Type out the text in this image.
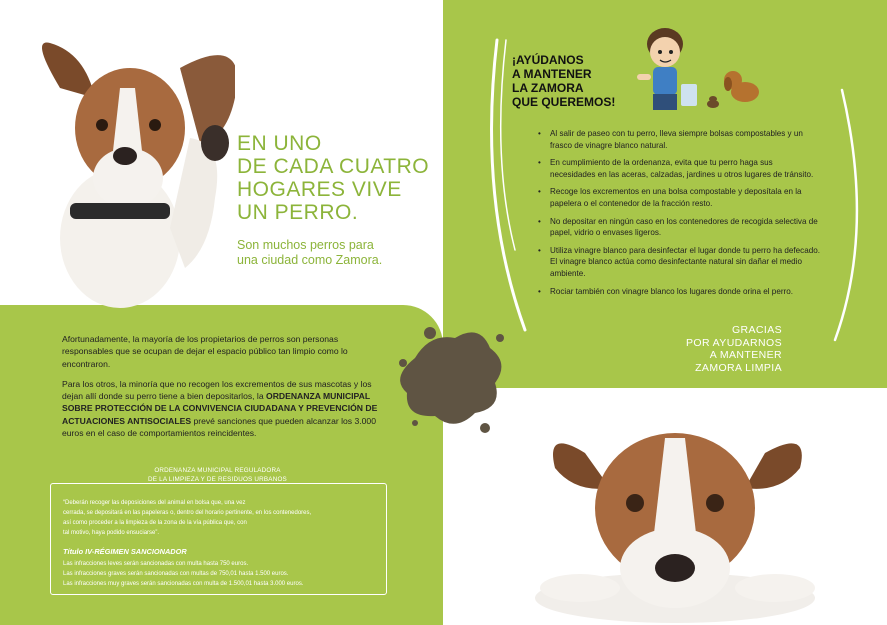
EN UNO
DE CADA CUATRO
HOGARES VIVE
UN PERRO.
Son muchos perros para
una ciudad como Zamora.

Afortunadamente, la mayoría de los propietarios de perros son personas responsables que se ocupan de dejar el espacio público tan limpio como lo encontraron.

Para los otros, la minoría que no recogen los excrementos de sus mascotas y los dejan allí donde su perro tiene a bien depositarlos, la ORDENANZA MUNICIPAL SOBRE PROTECCIÓN DE LA CONVIVENCIA CIUDADANA Y PREVENCIÓN DE ACTUACIONES ANTISOCIALES prevé sanciones que pueden alcanzar los 3.000 euros en el caso de comportamientos reincidentes.

ORDENANZA MUNICIPAL REGULADORA
DE LA LIMPIEZA Y DE RESIDUOS URBANOS
“Deberán recoger las deposiciones del animal en bolsa que, una vez
cerrada, se depositará en las papeleras o, dentro del horario pertinente, en los contenedores,
así como proceder a la limpieza de la zona de la vía pública que, con
tal motivo, haya podido ensuciarse”.
Título IV-RÉGIMEN SANCIONADOR
Las infracciones leves serán sancionadas con multa hasta 750 euros.
Las infracciones graves serán sancionadas con multas de 750,01 hasta 1.500 euros.
Las infracciones muy graves serán sancionadas con multa de 1.500,01 hasta 3.000 euros.
¡AYÚDANOS
A MANTENER
LA ZAMORA
QUE QUEREMOS!
• Al salir de paseo con tu perro, lleva siempre bolsas compostables y un frasco de vinagre blanco natural.
• En cumplimiento de la ordenanza, evita que tu perro haga sus necesidades en las aceras, calzadas, jardines u otros lugares de tránsito.
• Recoge los excrementos en una bolsa compostable y deposítala en la papelera o el contenedor de la fracción resto.
• No depositar en ningún caso en los contenedores de recogida selectiva de papel, vidrio o envases ligeros.
• Utiliza vinagre blanco para desinfectar el lugar donde tu perro ha defecado. El vinagre blanco actúa como desinfectante natural sin dañar el medio ambiente.
• Rociar también con vinagre blanco los lugares donde orina el perro.
GRACIAS
POR AYUDARNOS
A MANTENER
ZAMORA LIMPIA
